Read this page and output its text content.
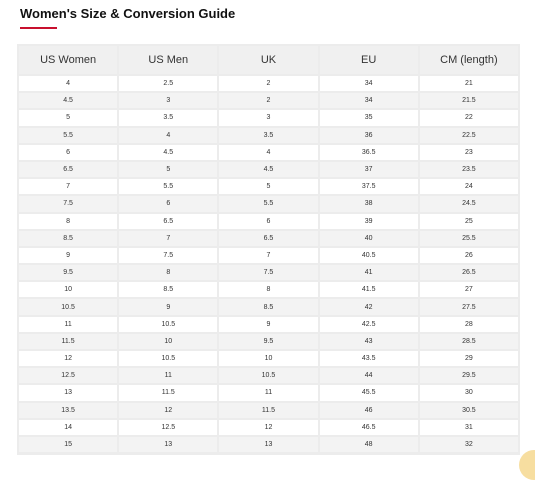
Women's Size & Conversion Guide
US Women	US Men	UK	EU	CM (length)
4	2.5	2	34	21
4.5	3	2	34	21.5
5	3.5	3	35	22
5.5	4	3.5	36	22.5
6	4.5	4	36.5	23
6.5	5	4.5	37	23.5
7	5.5	5	37.5	24
7.5	6	5.5	38	24.5
8	6.5	6	39	25
8.5	7	6.5	40	25.5
9	7.5	7	40.5	26
9.5	8	7.5	41	26.5
10	8.5	8	41.5	27
10.5	9	8.5	42	27.5
11	10.5	9	42.5	28
11.5	10	9.5	43	28.5
12	10.5	10	43.5	29
12.5	11	10.5	44	29.5
13	11.5	11	45.5	30
13.5	12	11.5	46	30.5
14	12.5	12	46.5	31
15	13	13	48	32
